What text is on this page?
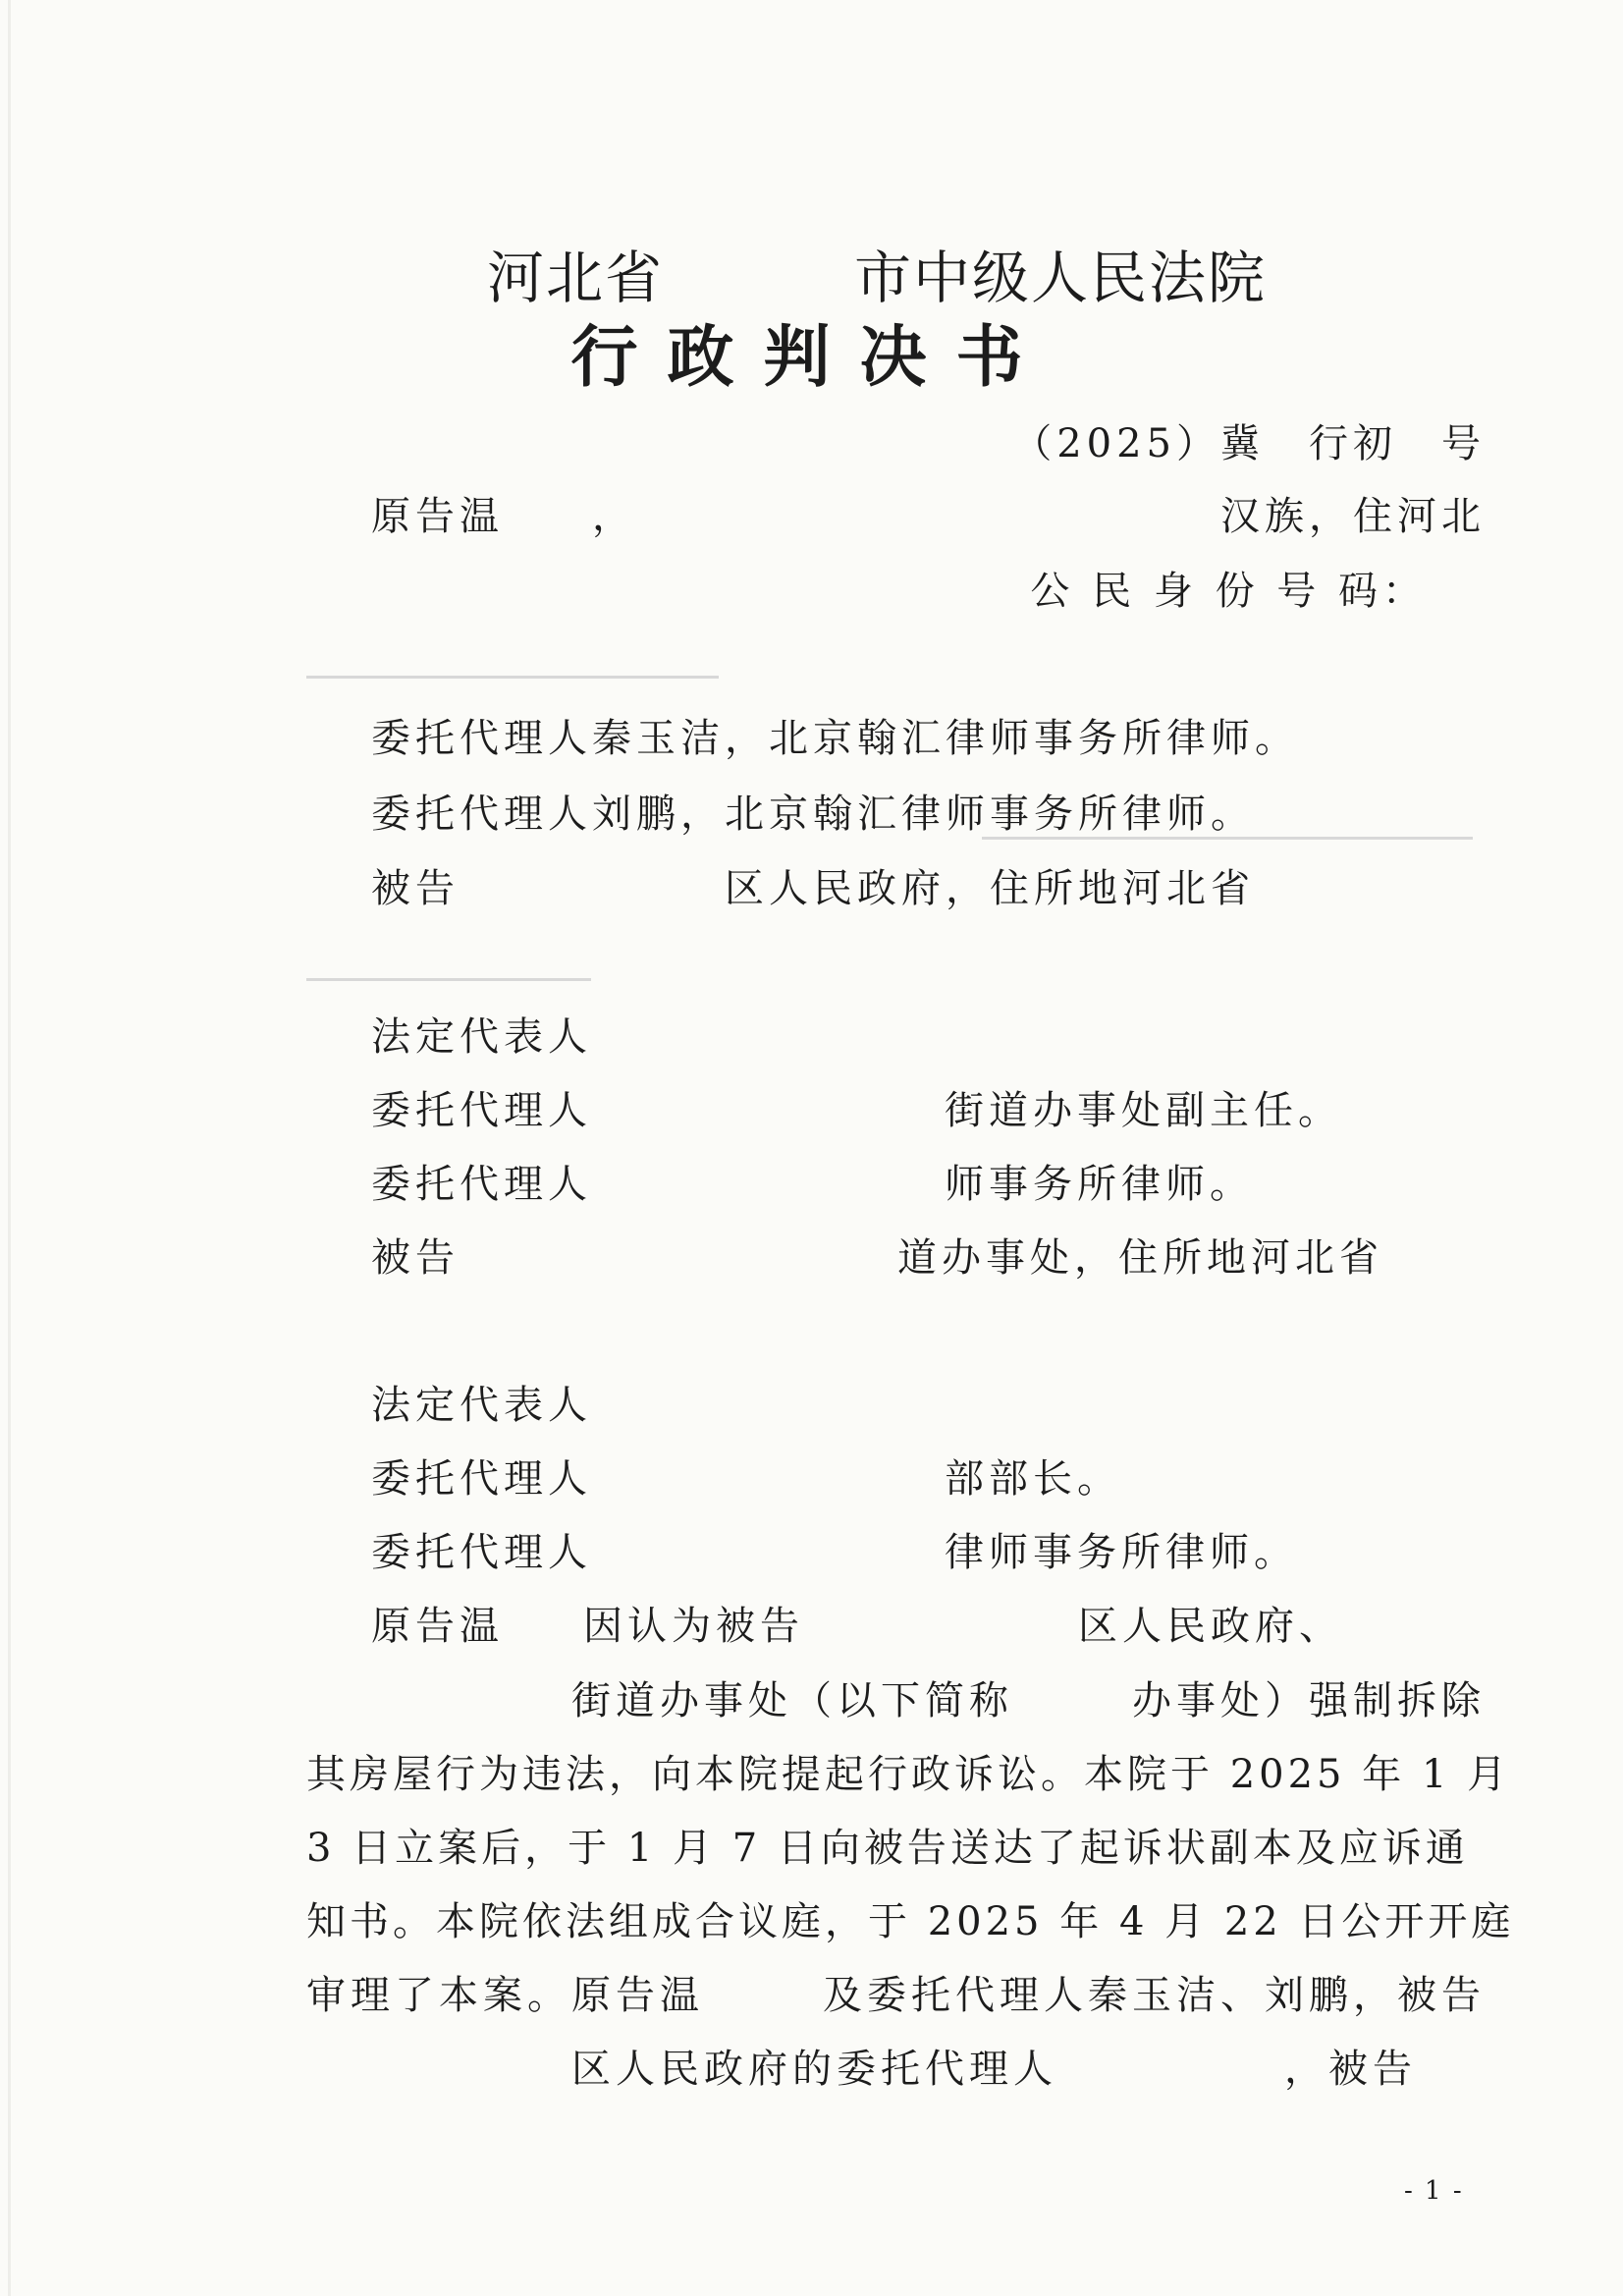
河北省	市中级人民法院
行政判决书
（2025）冀　行初　号
原告温　　，	汉族，住河北
公 民 身 份 号 码：
委托代理人秦玉洁，北京翰汇律师事务所律师。
委托代理人刘鹏，北京翰汇律师事务所律师。
被告	区人民政府，住所地河北省
法定代表人
委托代理人	街道办事处副主任。
委托代理人	师事务所律师。
被告	道办事处，住所地河北省
法定代表人
委托代理人	部部长。
委托代理人	律师事务所律师。
原告温 因认为被告	区人民政府、
街道办事处（以下简称	办事处）强制拆除
其房屋行为违法，向本院提起行政诉讼。本院于 2025 年 1 月
3 日立案后，于 1 月 7 日向被告送达了起诉状副本及应诉通
知书。本院依法组成合议庭，于 2025 年 4 月 22 日公开开庭
审理了本案。原告温	及委托代理人秦玉洁、刘鹏，被告
区人民政府的委托代理人	，被告
- 1 -
